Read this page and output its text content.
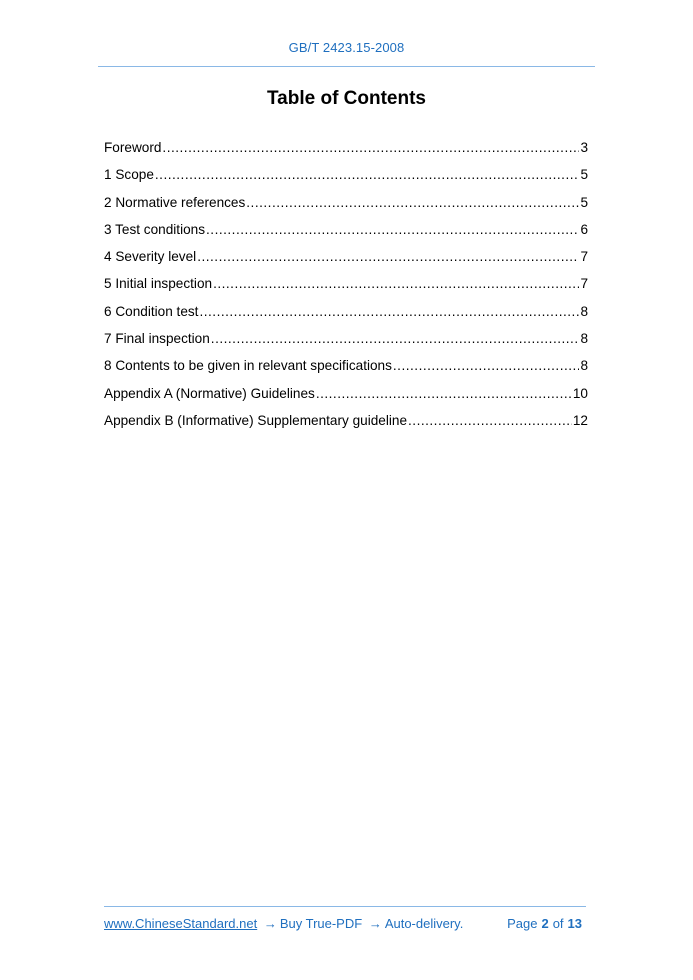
GB/T 2423.15-2008
Table of Contents
Foreword .....	3
1 Scope .....	5
2 Normative references .....	5
3 Test conditions .....	6
4 Severity level .....	7
5 Initial inspection .....	7
6 Condition test .....	8
7 Final inspection .....	8
8 Contents to be given in relevant specifications .....	8
Appendix A (Normative) Guidelines .....	10
Appendix B (Informative) Supplementary guideline .....	12
www.ChineseStandard.net → Buy True-PDF → Auto-delivery.	Page 2 of 13
